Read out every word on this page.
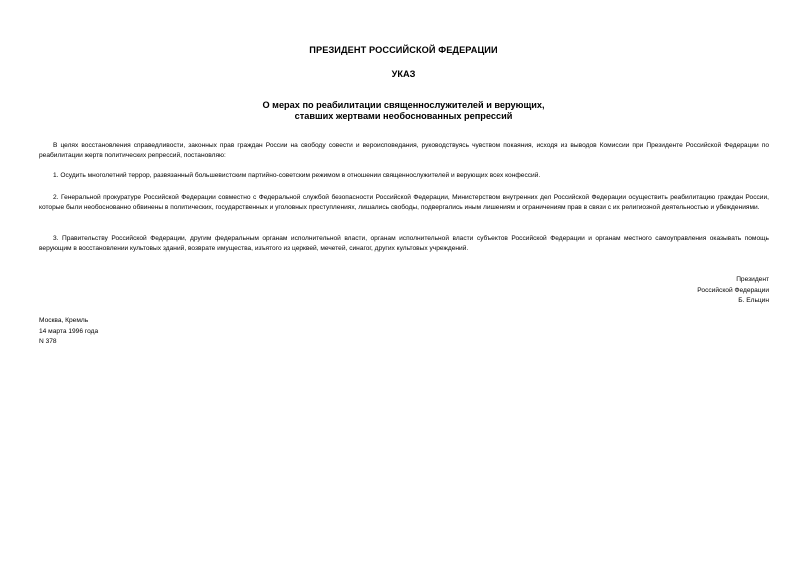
ПРЕЗИДЕНТ РОССИЙСКОЙ ФЕДЕРАЦИИ
УКАЗ
О мерах по реабилитации священнослужителей и верующих,
ставших жертвами необоснованных репрессий

В целях восстановления справедливости, законных прав граждан России на свободу совести и вероисповедания, руководствуясь чувством покаяния, исходя из выводов Комиссии при Президенте Российской Федерации по реабилитации жертв политических репрессий, постановляю:

1. Осудить многолетний террор, развязанный большевистским партийно-советским режимом в отношении священнослужителей и верующих всех конфессий.

2. Генеральной прокуратуре Российской Федерации совместно с Федеральной службой безопасности Российской Федерации, Министерством внутренних дел Российской Федерации осуществить реабилитацию граждан России, которые были необоснованно обвинены в политических, государственных и уголовных преступлениях, лишались свободы, подвергались иным лишениям и ограничениям прав в связи с их религиозной деятельностью и убеждениями.

3. Правительству Российской Федерации, другим федеральным органам исполнительной власти, органам исполнительной власти субъектов Российской Федерации и органам местного самоуправления оказывать помощь верующим в восстановлении культовых зданий, возврате имущества, изъятого из церквей, мечетей, синагог, других культовых учреждений.

Президент
Российской Федерации
Б. Ельцин
Москва, Кремль
14 марта 1996 года
N 378
